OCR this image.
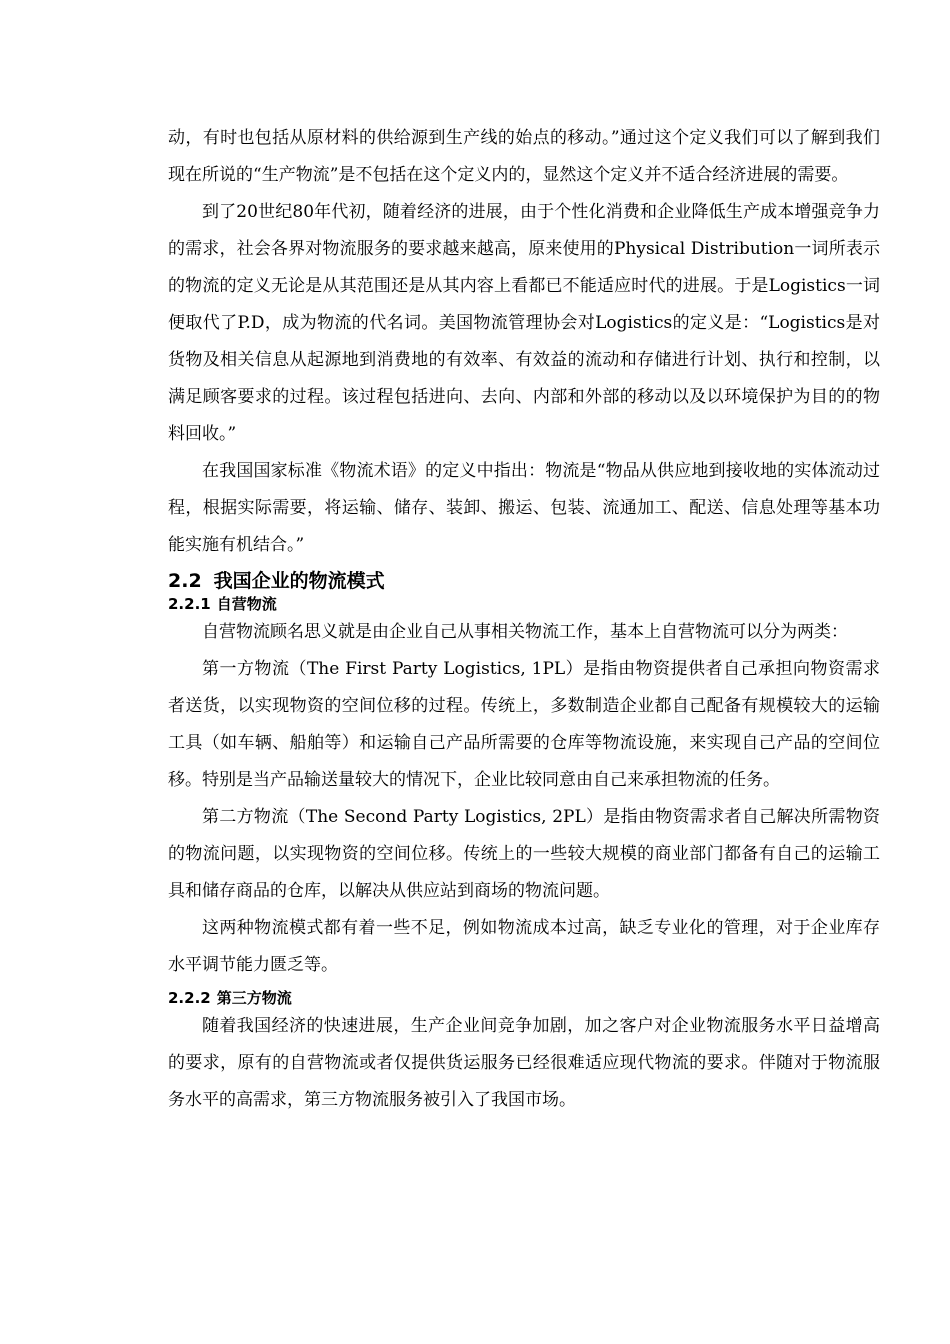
动，有时也包括从原材料的供给源到生产线的始点的移动。”通过这个定义我们可以了解到我们现在所说的“生产物流”是不包括在这个定义内的，显然这个定义并不适合经济进展的需要。

到了20世纪80年代初，随着经济的进展，由于个性化消费和企业降低生产成本增强竞争力的需求，社会各界对物流服务的要求越来越高，原来使用的Physical Distribution一词所表示的物流的定义无论是从其范围还是从其内容上看都已不能适应时代的进展。于是Logistics一词便取代了P.D，成为物流的代名词。美国物流管理协会对Logistics的定义是：“Logistics是对货物及相关信息从起源地到消费地的有效率、有效益的流动和存储进行计划、执行和控制，以满足顾客要求的过程。该过程包括进向、去向、内部和外部的移动以及以环境保护为目的的物料回收。”

在我国国家标准《物流术语》的定义中指出：物流是“物品从供应地到接收地的实体流动过程，根据实际需要，将运输、储存、装卸、搬运、包装、流通加工、配送、信息处理等基本功能实施有机结合。”

2.2 我国企业的物流模式
2.2.1 自营物流

自营物流顾名思义就是由企业自己从事相关物流工作，基本上自营物流可以分为两类：

第一方物流（The First Party Logistics, 1PL）是指由物资提供者自己承担向物资需求者送货，以实现物资的空间位移的过程。传统上，多数制造企业都自己配备有规模较大的运输工具（如车辆、船舶等）和运输自己产品所需要的仓库等物流设施，来实现自己产品的空间位移。特别是当产品输送量较大的情况下，企业比较同意由自己来承担物流的任务。

第二方物流（The Second Party Logistics, 2PL）是指由物资需求者自己解决所需物资的物流问题，以实现物资的空间位移。传统上的一些较大规模的商业部门都备有自己的运输工具和储存商品的仓库，以解决从供应站到商场的物流问题。

这两种物流模式都有着一些不足，例如物流成本过高，缺乏专业化的管理，对于企业库存水平调节能力匮乏等。

2.2.2 第三方物流

随着我国经济的快速进展，生产企业间竞争加剧，加之客户对企业物流服务水平日益增高的要求，原有的自营物流或者仅提供货运服务已经很难适应现代物流的要求。伴随对于物流服务水平的高需求，第三方物流服务被引入了我国市场。
